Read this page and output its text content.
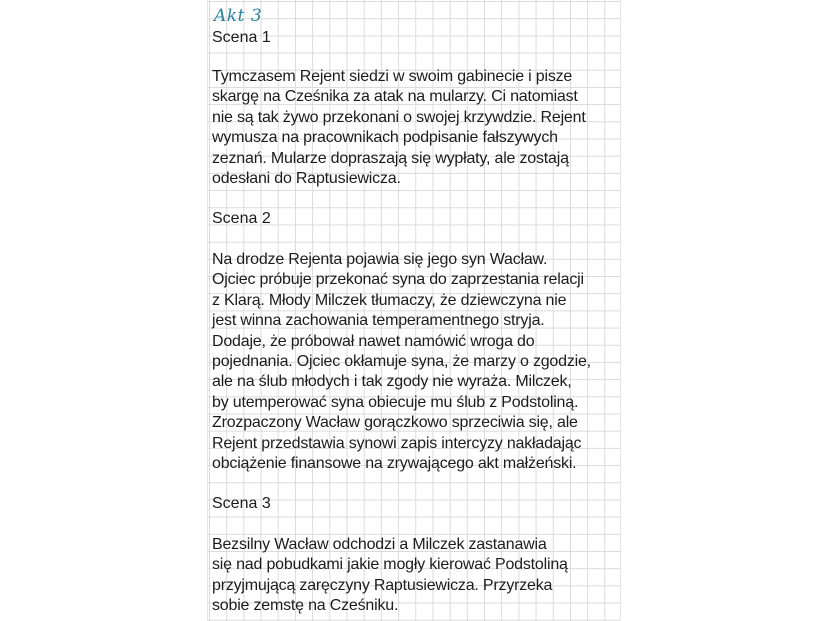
Akt 3
Scena 1
Tymczasem Rejent siedzi w swoim gabinecie i pisze
skargę na Cześnika za atak na mularzy. Ci natomiast
nie są tak żywo przekonani o swojej krzywdzie. Rejent
wymusza na pracownikach podpisanie fałszywych
zeznań. Mularze dopraszają się wypłaty, ale zostają
odesłani do Raptusiewicza.
Scena 2
Na drodze Rejenta pojawia się jego syn Wacław.
Ojciec próbuje przekonać syna do zaprzestania relacji
z Klarą. Młody Milczek tłumaczy, że dziewczyna nie
jest winna zachowania temperamentnego stryja.
Dodaje, że próbował nawet namówić wroga do
pojednania. Ojciec okłamuje syna, że marzy o zgodzie,
ale na ślub młodych i tak zgody nie wyraża. Milczek,
by utemperować syna obiecuje mu ślub z Podstoliną.
Zrozpaczony Wacław gorączkowo sprzeciwia się, ale
Rejent przedstawia synowi zapis intercyzy nakładając
obciążenie finansowe na zrywającego akt małżeński.
Scena 3
Bezsilny Wacław odchodzi a Milczek zastanawia
się nad pobudkami jakie mogły kierować Podstoliną
przyjmującą zaręczyny Raptusiewicza. Przyrzeka
sobie zemstę na Cześniku.
